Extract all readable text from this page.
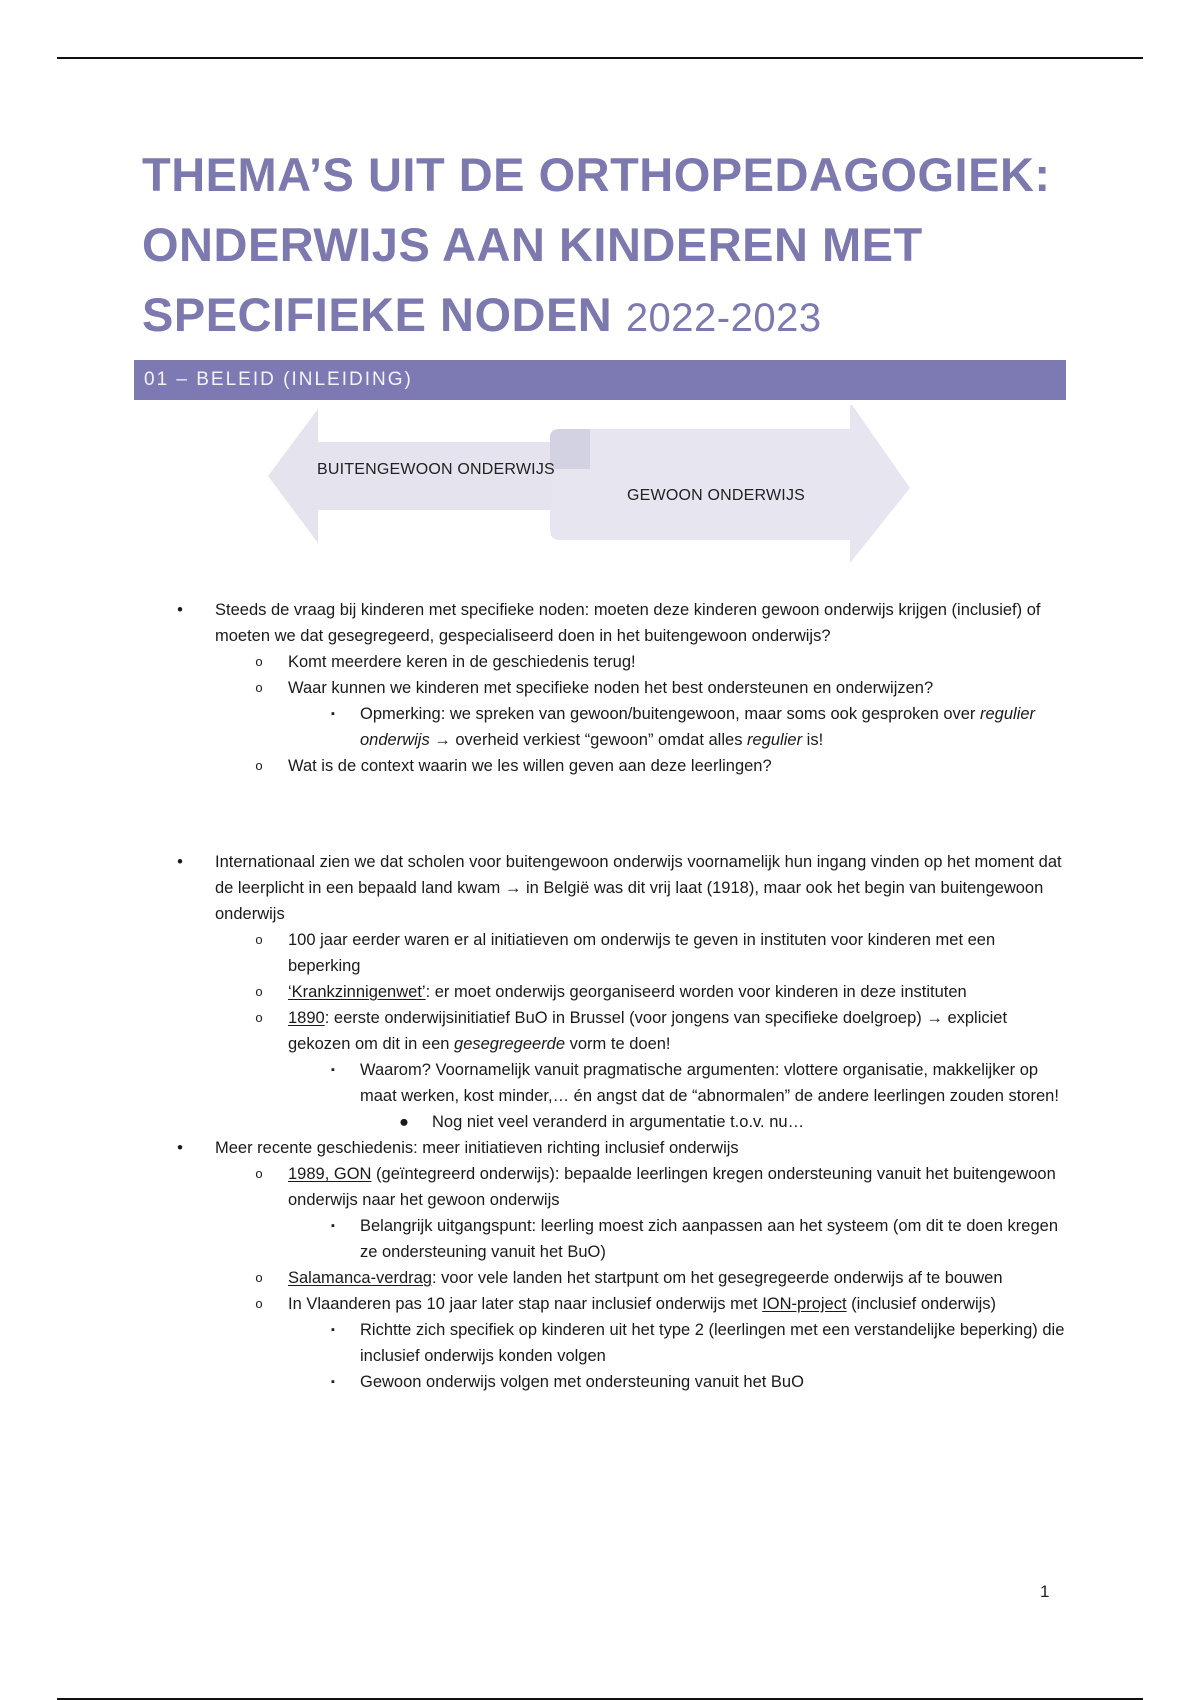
THEMA’S UIT DE ORTHOPEDAGOGIEK:
ONDERWIJS AAN KINDEREN MET
SPECIFIEKE NODEN 2022-2023
01 – BELEID (INLEIDING)
BUITENGEWOON ONDERWIJS
GEWOON ONDERWIJS
•	Steeds de vraag bij kinderen met specifieke noden: moeten deze kinderen gewoon onderwijs krijgen (inclusief) of moeten we dat gesegregeerd, gespecialiseerd doen in het buitengewoon onderwijs?
o	Komt meerdere keren in de geschiedenis terug!
o	Waar kunnen we kinderen met specifieke noden het best ondersteunen en onderwijzen?
▪	Opmerking: we spreken van gewoon/buitengewoon, maar soms ook gesproken over regulier onderwijs → overheid verkiest “gewoon” omdat alles regulier is!
o	Wat is de context waarin we les willen geven aan deze leerlingen?
•	Internationaal zien we dat scholen voor buitengewoon onderwijs voornamelijk hun ingang vinden op het moment dat de leerplicht in een bepaald land kwam → in België was dit vrij laat (1918), maar ook het begin van buitengewoon onderwijs
o	100 jaar eerder waren er al initiatieven om onderwijs te geven in instituten voor kinderen met een beperking
o	‘Krankzinnigenwet’: er moet onderwijs georganiseerd worden voor kinderen in deze instituten
o	1890: eerste onderwijsinitiatief BuO in Brussel (voor jongens van specifieke doelgroep) → expliciet gekozen om dit in een gesegregeerde vorm te doen!
▪	Waarom? Voornamelijk vanuit pragmatische argumenten: vlottere organisatie, makkelijker op maat werken, kost minder,… én angst dat de “abnormalen” de andere leerlingen zouden storen!
●	Nog niet veel veranderd in argumentatie t.o.v. nu…
•	Meer recente geschiedenis: meer initiatieven richting inclusief onderwijs
o	1989, GON (geïntegreerd onderwijs): bepaalde leerlingen kregen ondersteuning vanuit het buitengewoon onderwijs naar het gewoon onderwijs
▪	Belangrijk uitgangspunt: leerling moest zich aanpassen aan het systeem (om dit te doen kregen ze ondersteuning vanuit het BuO)
o	Salamanca-verdrag: voor vele landen het startpunt om het gesegregeerde onderwijs af te bouwen
o	In Vlaanderen pas 10 jaar later stap naar inclusief onderwijs met ION-project (inclusief onderwijs)
▪	Richtte zich specifiek op kinderen uit het type 2 (leerlingen met een verstandelijke beperking) die inclusief onderwijs konden volgen
▪	Gewoon onderwijs volgen met ondersteuning vanuit het BuO
1
